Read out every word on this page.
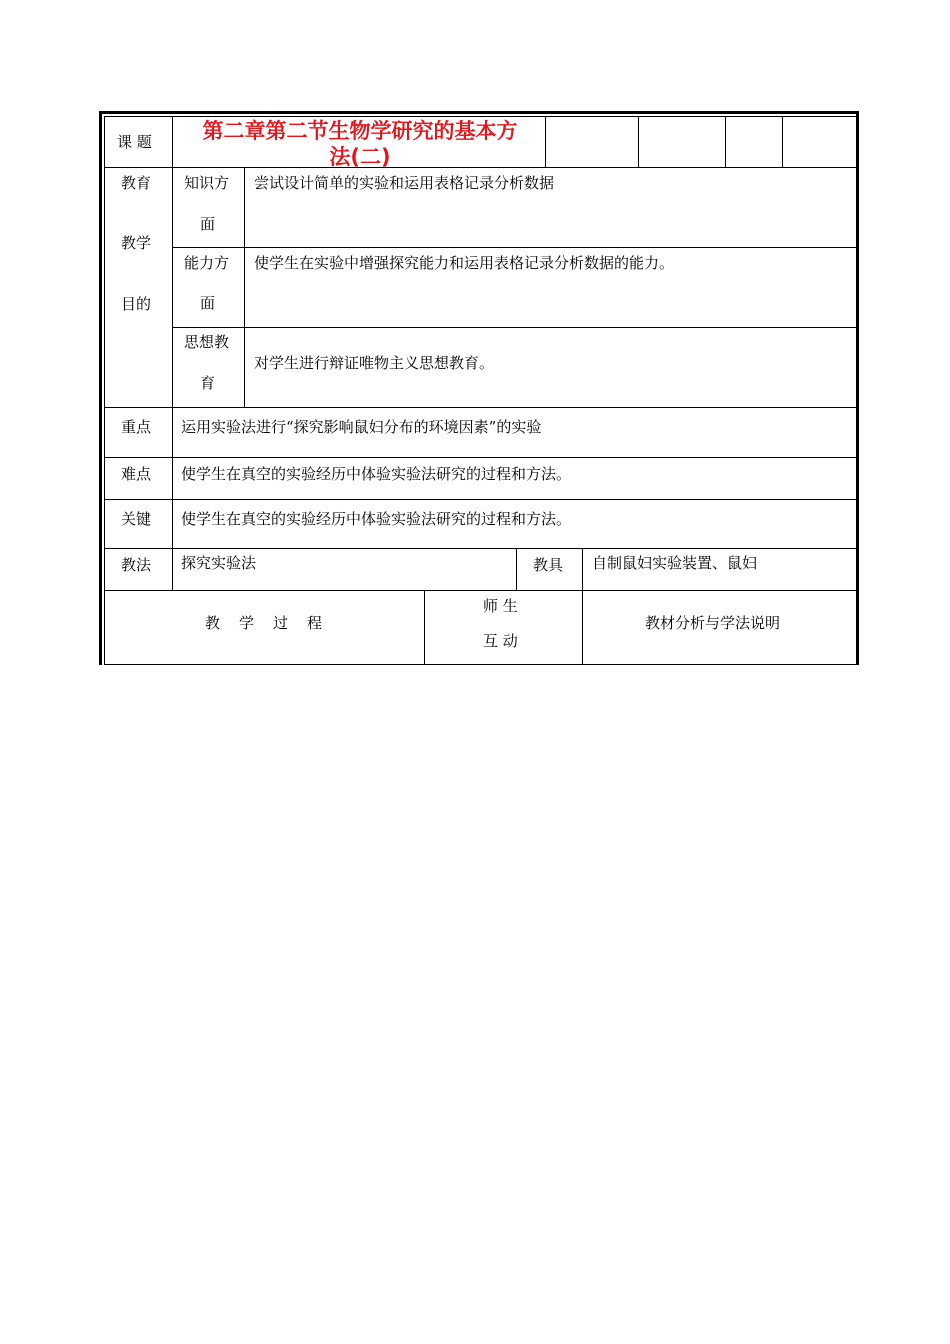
课 题	第二章第二节生物学研究的基本方
法(二)
教育
教学
目的
知识方
面
尝试设计简单的实验和运用表格记录分析数据
能力方
面
使学生在实验中增强探究能力和运用表格记录分析数据的能力。
思想教
育
对学生进行辩证唯物主义思想教育。
重点 运用实验法进行“探究影响鼠妇分布的环境因素”的实验
难点 使学生在真空的实验经历中体验实验法研究的过程和方法。
关键 使学生在真空的实验经历中体验实验法研究的过程和方法。
教法 探究实验法	教具 自制鼠妇实验装置、鼠妇
教　学　过　程
师 生
互 动
教材分析与学法说明
